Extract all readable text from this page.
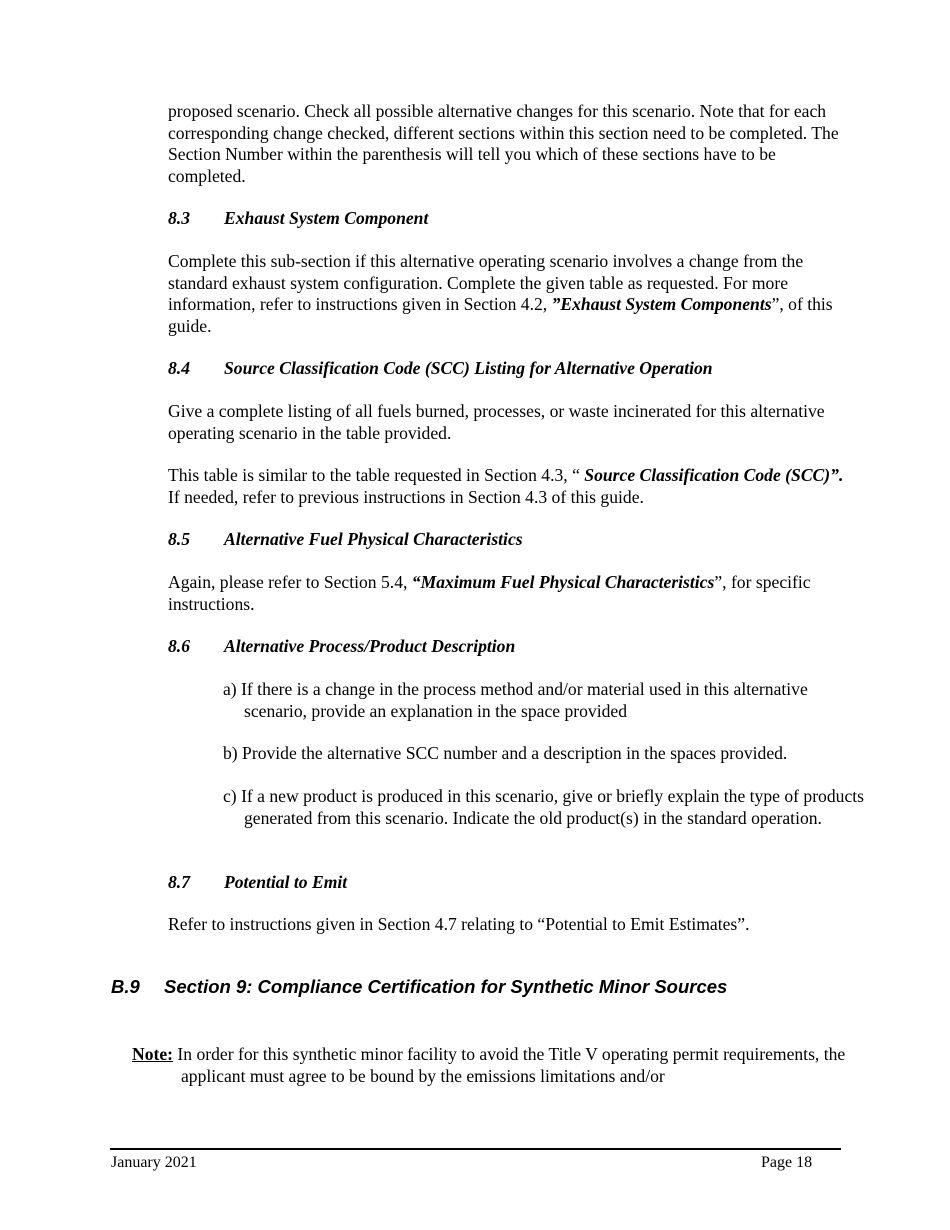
proposed scenario. Check all possible alternative changes for this scenario. Note that for each corresponding change checked, different sections within this section need to be completed. The Section Number within the parenthesis will tell you which of these sections have to be completed.

8.3 Exhaust System Component

Complete this sub-section if this alternative operating scenario involves a change from the standard exhaust system configuration. Complete the given table as requested. For more information, refer to instructions given in Section 4.2, ”Exhaust System Components”, of this guide.

8.4 Source Classification Code (SCC) Listing for Alternative Operation

Give a complete listing of all fuels burned, processes, or waste incinerated for this alternative operating scenario in the table provided.

This table is similar to the table requested in Section 4.3, “ Source Classification Code (SCC)”. If needed, refer to previous instructions in Section 4.3 of this guide.

8.5 Alternative Fuel Physical Characteristics

Again, please refer to Section 5.4, “Maximum Fuel Physical Characteristics”, for specific instructions.

8.6 Alternative Process/Product Description

a) If there is a change in the process method and/or material used in this alternative scenario, provide an explanation in the space provided

b) Provide the alternative SCC number and a description in the spaces provided.

c) If a new product is produced in this scenario, give or briefly explain the type of products generated from this scenario. Indicate the old product(s) in the standard operation.

8.7 Potential to Emit

Refer to instructions given in Section 4.7 relating to “Potential to Emit Estimates”.

B.9 Section 9: Compliance Certification for Synthetic Minor Sources

Note: In order for this synthetic minor facility to avoid the Title V operating permit requirements, the applicant must agree to be bound by the emissions limitations and/or

January 2021	Page 18
